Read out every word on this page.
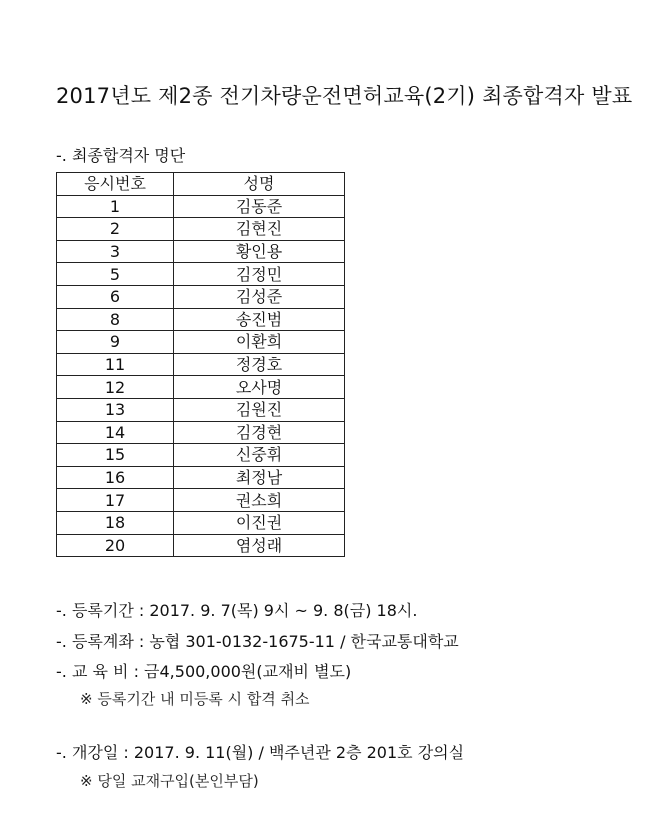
2017년도 제2종 전기차량운전면허교육(2기) 최종합격자 발표
-. 최종합격자 명단
응시번호	성명
1	김동준
2	김현진
3	황인용
5	김정민
6	김성준
8	송진범
9	이환희
11	정경호
12	오사명
13	김원진
14	김경현
15	신중휘
16	최정남
17	권소희
18	이진권
20	염성래
-. 등록기간 : 2017. 9. 7(목) 9시 ~ 9. 8(금) 18시.
-. 등록계좌 : 농협 301-0132-1675-11 / 한국교통대학교
-. 교 육 비 : 금4,500,000원(교재비 별도)
※ 등록기간 내 미등록 시 합격 취소
-. 개강일 : 2017. 9. 11(월) / 백주년관 2층 201호 강의실
※ 당일 교재구입(본인부담)
